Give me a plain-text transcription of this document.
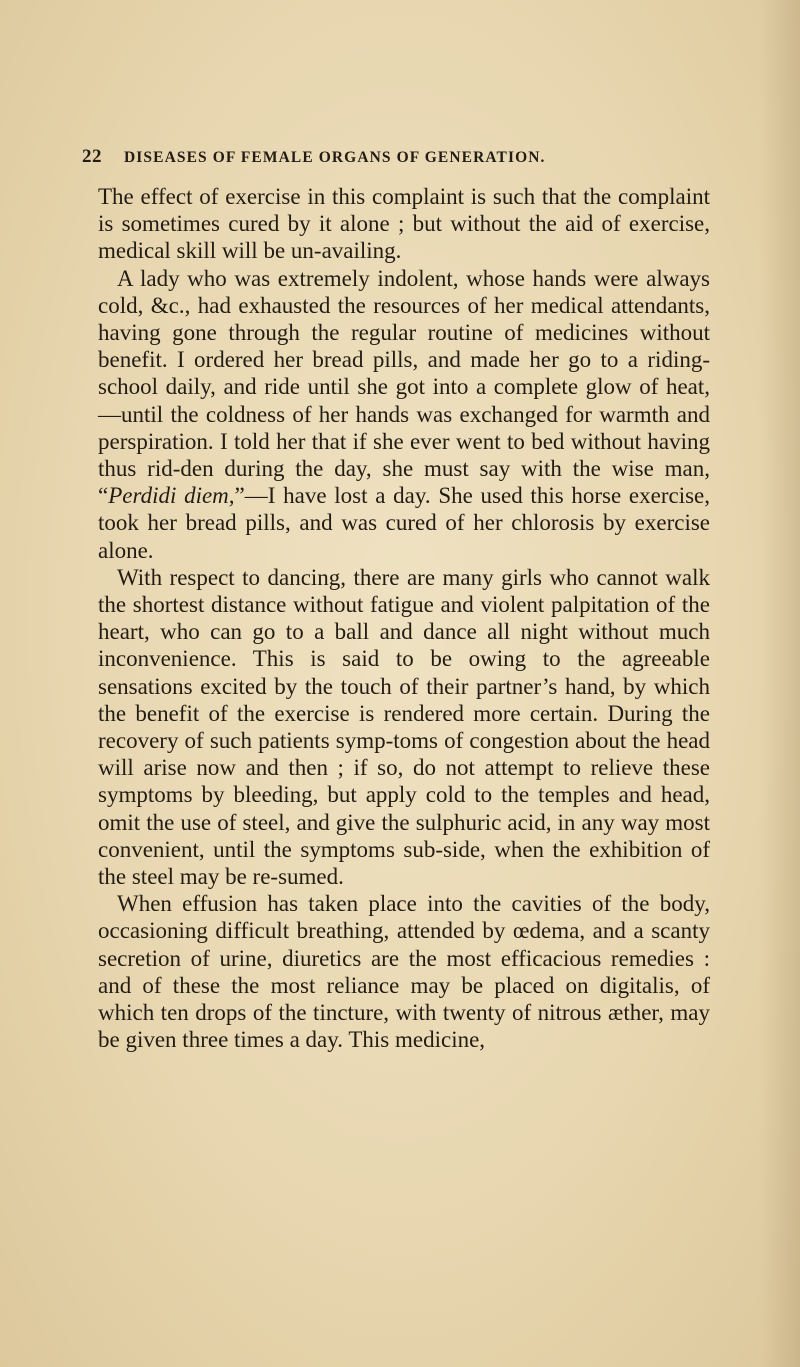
22 DISEASES OF FEMALE ORGANS OF GENERATION.

The effect of exercise in this complaint is such that the complaint is sometimes cured by it alone ; but without the aid of exercise, medical skill will be un-availing.

A lady who was extremely indolent, whose hands were always cold, &c., had exhausted the resources of her medical attendants, having gone through the regular routine of medicines without benefit. I ordered her bread pills, and made her go to a riding-school daily, and ride until she got into a complete glow of heat,—until the coldness of her hands was exchanged for warmth and perspiration. I told her that if she ever went to bed without having thus rid-den during the day, she must say with the wise man, “Perdidi diem,”—I have lost a day. She used this horse exercise, took her bread pills, and was cured of her chlorosis by exercise alone.

With respect to dancing, there are many girls who cannot walk the shortest distance without fatigue and violent palpitation of the heart, who can go to a ball and dance all night without much inconvenience. This is said to be owing to the agreeable sensations excited by the touch of their partner’s hand, by which the benefit of the exercise is rendered more certain. During the recovery of such patients symp-toms of congestion about the head will arise now and then ; if so, do not attempt to relieve these symptoms by bleeding, but apply cold to the temples and head, omit the use of steel, and give the sulphuric acid, in any way most convenient, until the symptoms sub-side, when the exhibition of the steel may be re-sumed.

When effusion has taken place into the cavities of the body, occasioning difficult breathing, attended by œdema, and a scanty secretion of urine, diuretics are the most efficacious remedies : and of these the most reliance may be placed on digitalis, of which ten drops of the tincture, with twenty of nitrous æther, may be given three times a day. This medicine,
